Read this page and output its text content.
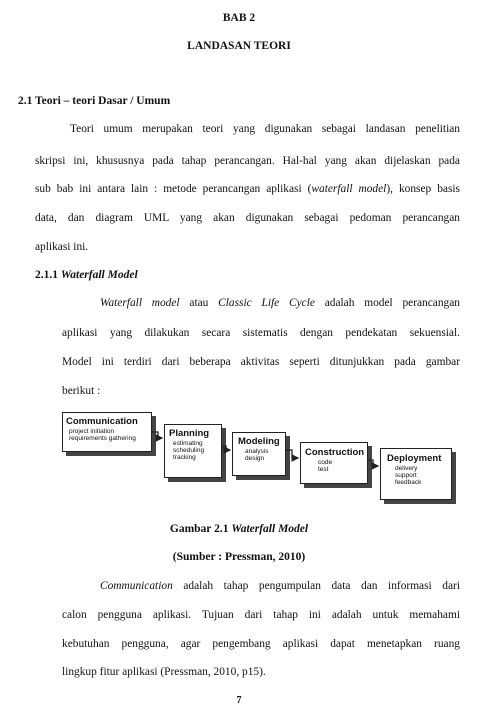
BAB 2
LANDASAN TEORI
2.1 Teori – teori Dasar / Umum
Teori umum merupakan teori yang digunakan sebagai landasan penelitian
skripsi ini, khususnya pada tahap perancangan. Hal-hal yang akan dijelaskan pada
sub bab ini antara lain : metode perancangan aplikasi (waterfall model), konsep basis
data, dan diagram UML yang akan digunakan sebagai pedoman perancangan
aplikasi ini.
2.1.1 Waterfall Model
Waterfall model atau Classic Life Cycle adalah model perancangan
aplikasi yang dilakukan secara sistematis dengan pendekatan sekuensial.
Model ini terdiri dari beberapa aktivitas seperti ditunjukkan pada gambar
berikut :
Communication
project initiation
requirements gathering	Planning
estimating
scheduling
tracking
Modeling
analysis
design
Construction
code
test
Deployment
delivery
support
feedback
Gambar 2.1 Waterfall Model
(Sumber : Pressman, 2010)
Communication adalah tahap pengumpulan data dan informasi dari
calon pengguna aplikasi. Tujuan dari tahap ini adalah untuk memahami
kebutuhan pengguna, agar pengembang aplikasi dapat menetapkan ruang
lingkup fitur aplikasi (Pressman, 2010, p15).
7
